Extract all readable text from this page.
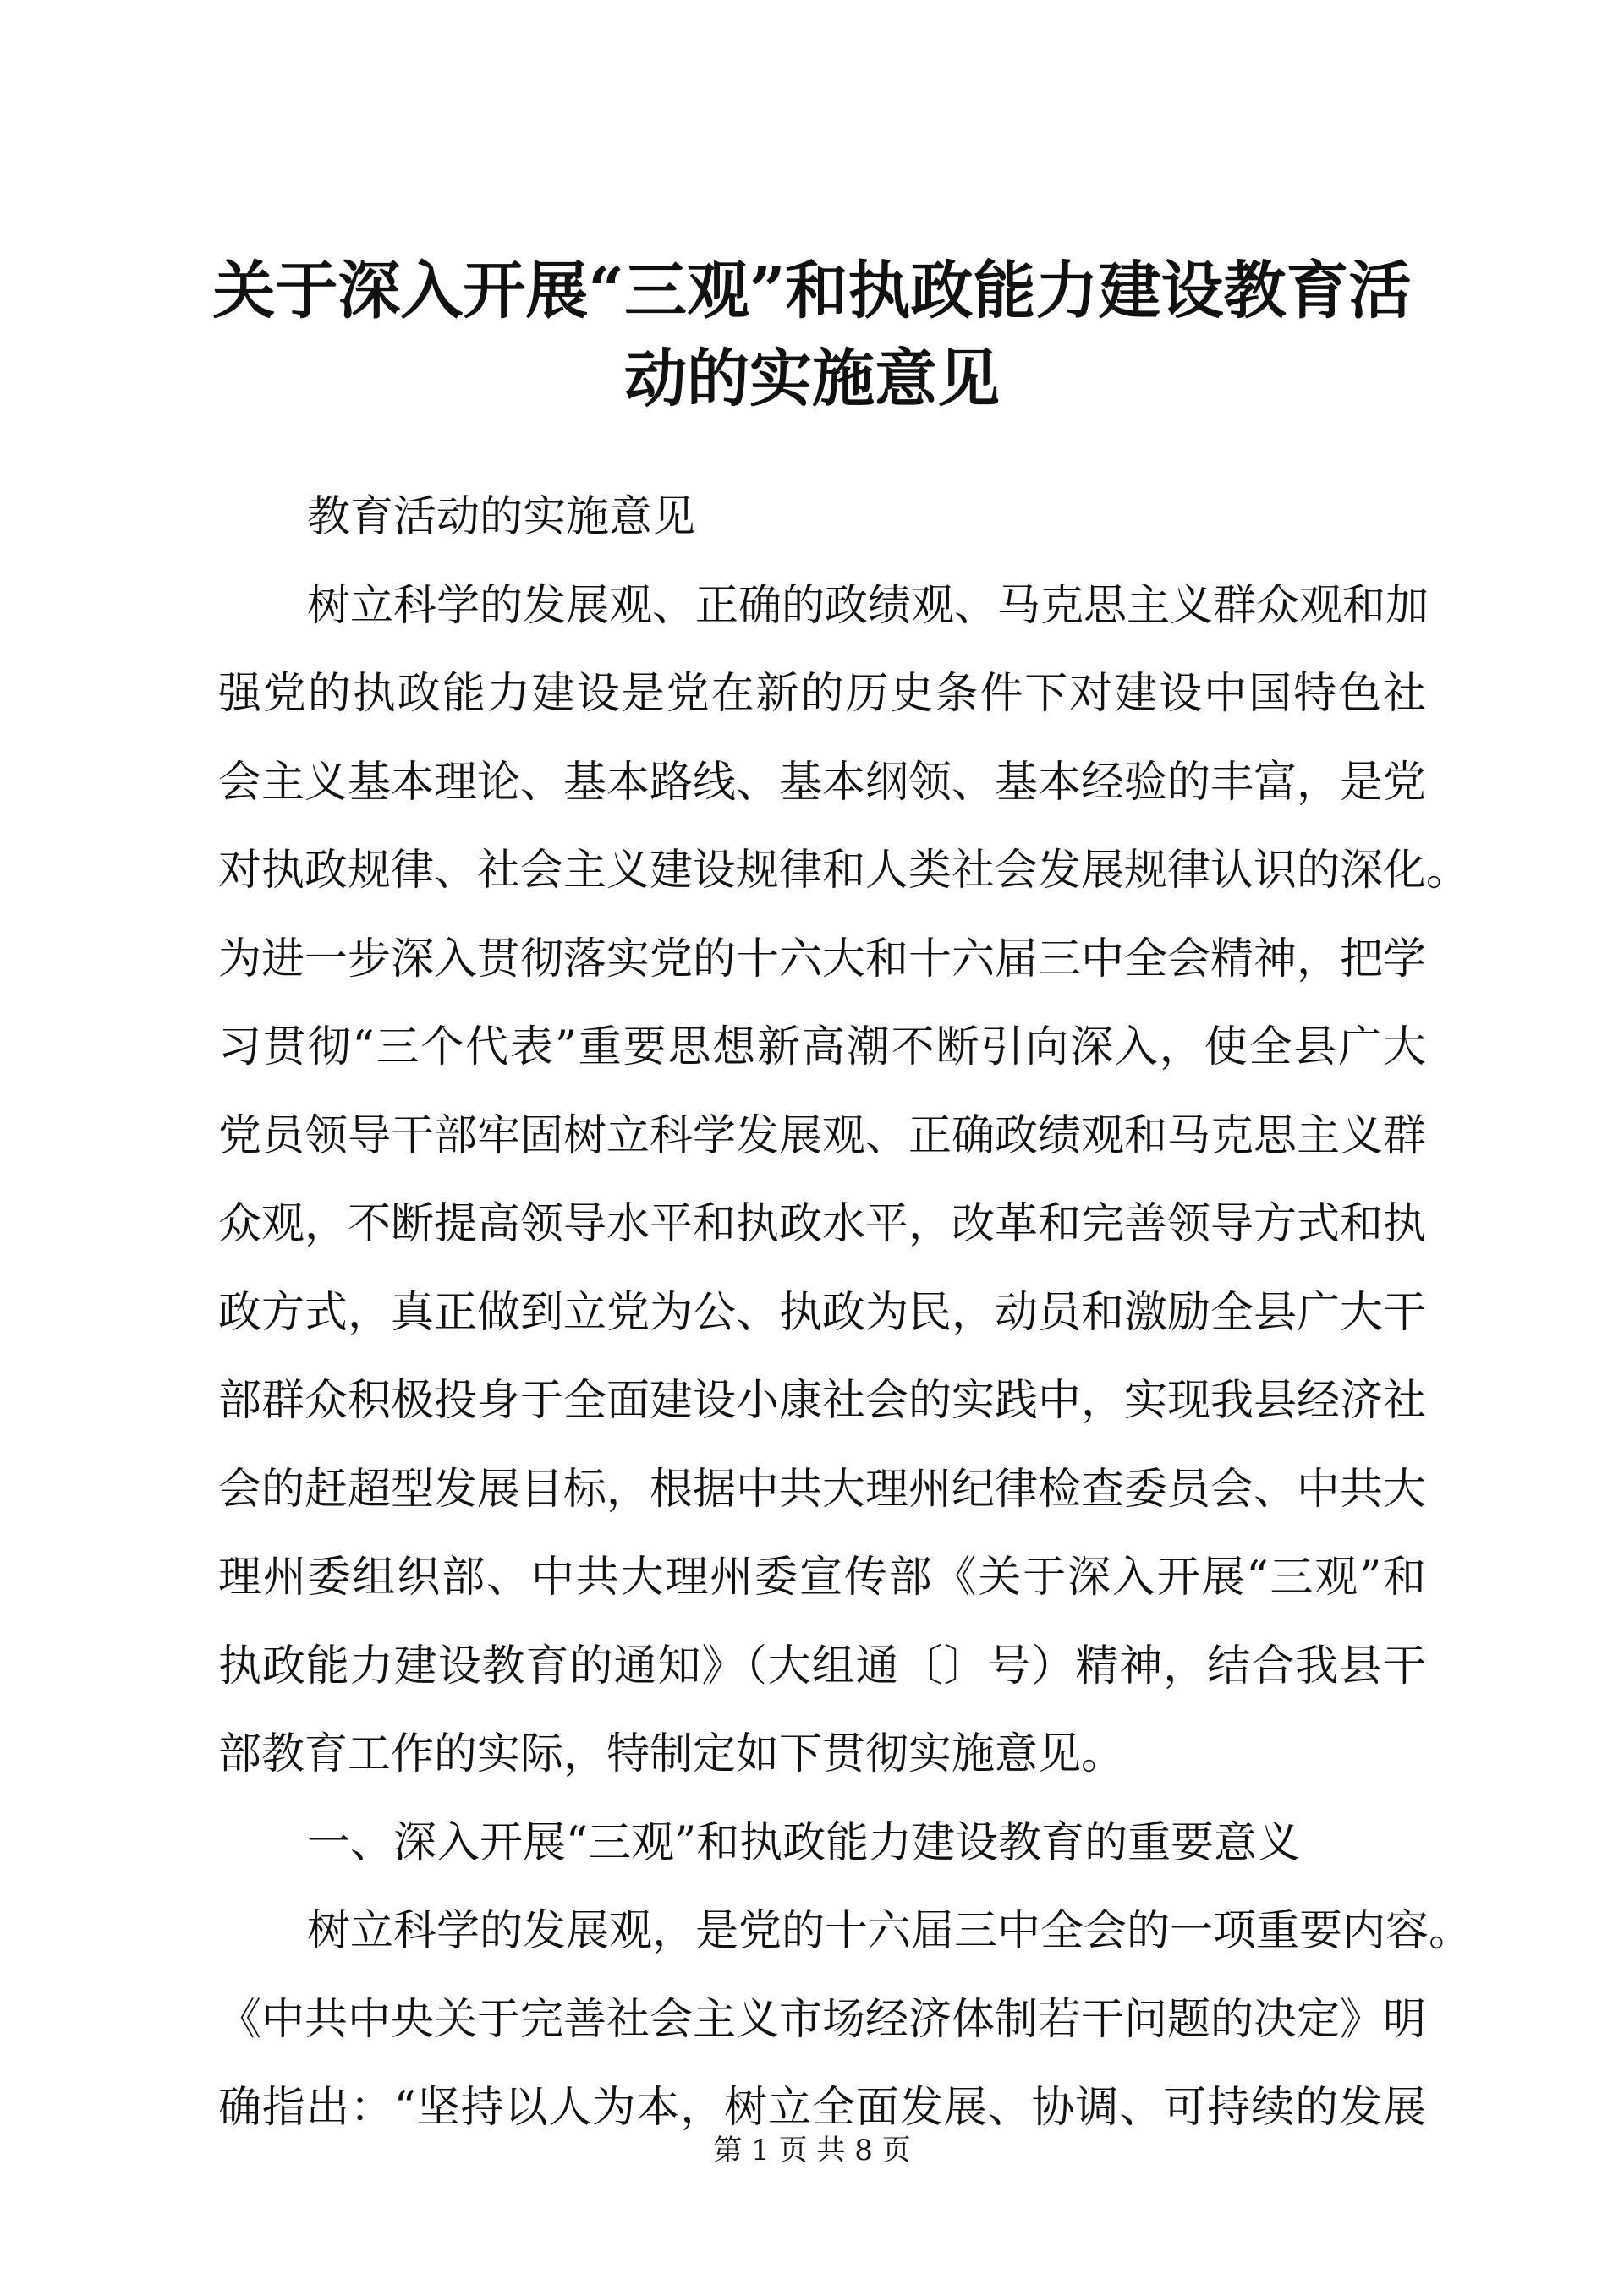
关于深入开展“三观”和执政能力建设教育活
动的实施意见
教育活动的实施意见
树立科学的发展观、正确的政绩观、马克思主义群众观和加
强党的执政能力建设是党在新的历史条件下对建设中国特色社
会主义基本理论、基本路线、基本纲领、基本经验的丰富，是党
对执政规律、社会主义建设规律和人类社会发展规律认识的深化。
为进一步深入贯彻落实党的十六大和十六届三中全会精神，把学
习贯彻“三个代表”重要思想新高潮不断引向深入，使全县广大
党员领导干部牢固树立科学发展观、正确政绩观和马克思主义群
众观，不断提高领导水平和执政水平，改革和完善领导方式和执
政方式，真正做到立党为公、执政为民，动员和激励全县广大干
部群众积极投身于全面建设小康社会的实践中，实现我县经济社
会的赶超型发展目标，根据中共大理州纪律检查委员会、中共大
理州委组织部、中共大理州委宣传部《关于深入开展“三观”和
执政能力建设教育的通知》（大组通〔〕号）精神，结合我县干
部教育工作的实际，特制定如下贯彻实施意见。
一、深入开展“三观”和执政能力建设教育的重要意义
树立科学的发展观，是党的十六届三中全会的一项重要内容。
《中共中央关于完善社会主义市场经济体制若干问题的决定》明
确指出：“坚持以人为本，树立全面发展、协调、可持续的发展
第 1 页 共 8 页
